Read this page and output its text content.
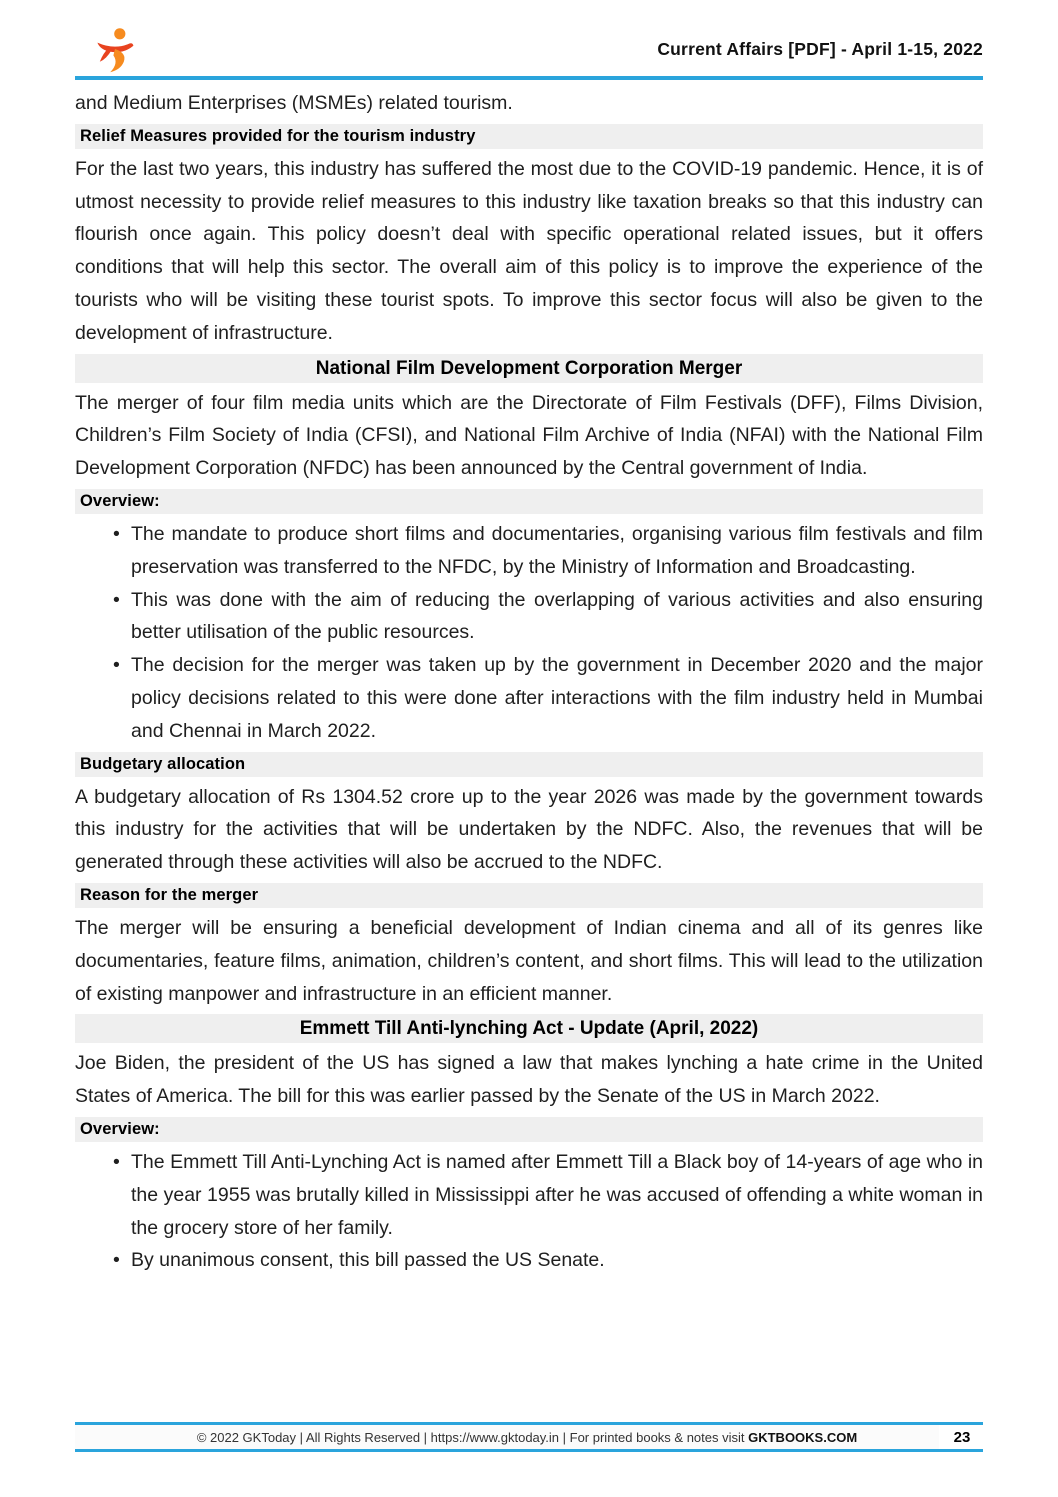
Current Affairs [PDF] - April 1-15, 2022

and Medium Enterprises (MSMEs) related tourism.

Relief Measures provided for the tourism industry

For the last two years, this industry has suffered the most due to the COVID-19 pandemic. Hence, it is of utmost necessity to provide relief measures to this industry like taxation breaks so that this industry can flourish once again. This policy doesn’t deal with specific operational related issues, but it offers conditions that will help this sector. The overall aim of this policy is to improve the experience of the tourists who will be visiting these tourist spots. To improve this sector focus will also be given to the development of infrastructure.

National Film Development Corporation Merger

The merger of four film media units which are the Directorate of Film Festivals (DFF), Films Division, Children’s Film Society of India (CFSI), and National Film Archive of India (NFAI) with the National Film Development Corporation (NFDC) has been announced by the Central government of India.

Overview:
• The mandate to produce short films and documentaries, organising various film festivals and film preservation was transferred to the NFDC, by the Ministry of Information and Broadcasting.
• This was done with the aim of reducing the overlapping of various activities and also ensuring better utilisation of the public resources.
• The decision for the merger was taken up by the government in December 2020 and the major policy decisions related to this were done after interactions with the film industry held in Mumbai and Chennai in March 2022.
Budgetary allocation

A budgetary allocation of Rs 1304.52 crore up to the year 2026 was made by the government towards this industry for the activities that will be undertaken by the NDFC. Also, the revenues that will be generated through these activities will also be accrued to the NDFC.

Reason for the merger

The merger will be ensuring a beneficial development of Indian cinema and all of its genres like documentaries, feature films, animation, children’s content, and short films. This will lead to the utilization of existing manpower and infrastructure in an efficient manner.

Emmett Till Anti-lynching Act - Update (April, 2022)

Joe Biden, the president of the US has signed a law that makes lynching a hate crime in the United States of America. The bill for this was earlier passed by the Senate of the US in March 2022.

Overview:
• The Emmett Till Anti-Lynching Act is named after Emmett Till a Black boy of 14-years of age who in the year 1955 was brutally killed in Mississippi after he was accused of offending a white woman in the grocery store of her family.
• By unanimous consent, this bill passed the US Senate.
© 2022 GKToday | All Rights Reserved | https://www.gktoday.in | For printed books & notes visit GKTBOOKS.COM	23
